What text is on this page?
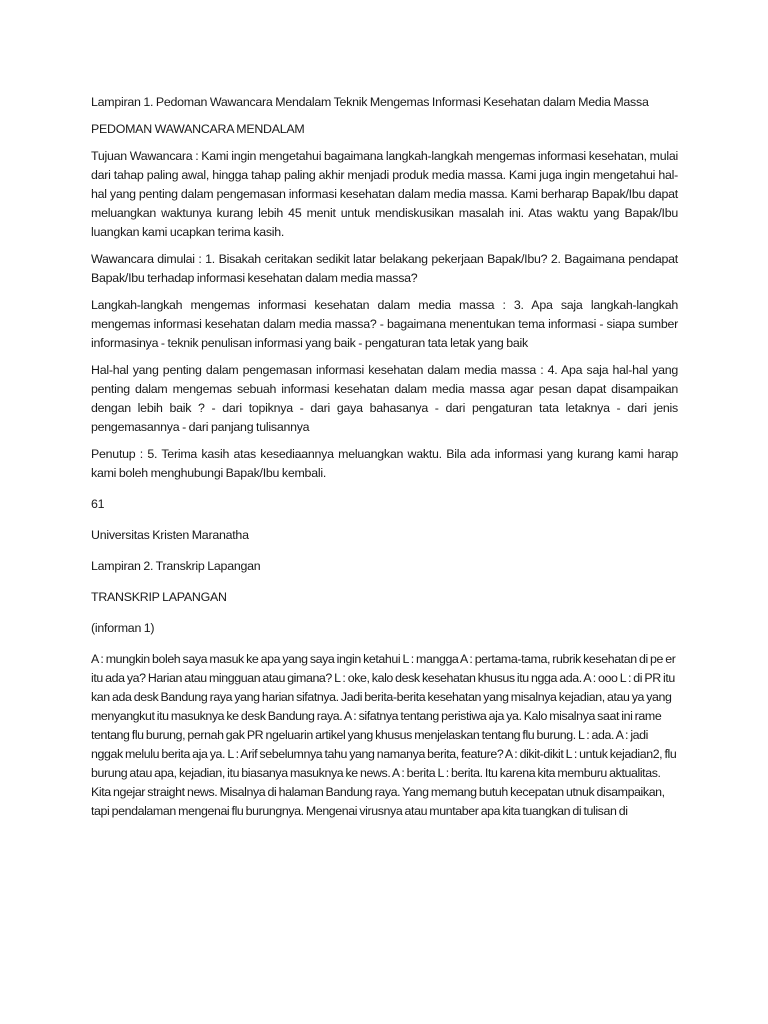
Lampiran 1. Pedoman Wawancara Mendalam Teknik Mengemas Informasi Kesehatan dalam Media Massa

PEDOMAN WAWANCARA MENDALAM

Tujuan Wawancara : Kami ingin mengetahui bagaimana langkah-langkah mengemas informasi kesehatan, mulai dari tahap paling awal, hingga tahap paling akhir menjadi produk media massa. Kami juga ingin mengetahui hal-hal yang penting dalam pengemasan informasi kesehatan dalam media massa. Kami berharap Bapak/Ibu dapat meluangkan waktunya kurang lebih 45 menit untuk mendiskusikan masalah ini. Atas waktu yang Bapak/Ibu luangkan kami ucapkan terima kasih.

Wawancara dimulai : 1. Bisakah ceritakan sedikit latar belakang pekerjaan Bapak/Ibu? 2. Bagaimana pendapat Bapak/Ibu terhadap informasi kesehatan dalam media massa?

Langkah-langkah mengemas informasi kesehatan dalam media massa : 3. Apa saja langkah-langkah mengemas informasi kesehatan dalam media massa? - bagaimana menentukan tema informasi - siapa sumber informasinya - teknik penulisan informasi yang baik - pengaturan tata letak yang baik

Hal-hal yang penting dalam pengemasan informasi kesehatan dalam media massa : 4. Apa saja hal-hal yang penting dalam mengemas sebuah informasi kesehatan dalam media massa agar pesan dapat disampaikan dengan lebih baik ? - dari topiknya - dari gaya bahasanya - dari pengaturan tata letaknya - dari jenis pengemasannya - dari panjang tulisannya

Penutup : 5. Terima kasih atas kesediaannya meluangkan waktu. Bila ada informasi yang kurang kami harap kami boleh menghubungi Bapak/Ibu kembali.

61

Universitas Kristen Maranatha

Lampiran 2. Transkrip Lapangan

TRANSKRIP LAPANGAN

(informan 1)

A : mungkin boleh saya masuk ke apa yang saya ingin ketahui L : mangga A : pertama-tama, rubrik kesehatan di pe er itu ada ya? Harian atau mingguan atau gimana? L : oke, kalo desk kesehatan khusus itu ngga ada. A : ooo L : di PR itu kan ada desk Bandung raya yang harian sifatnya. Jadi berita-berita kesehatan yang misalnya kejadian, atau ya yang menyangkut itu masuknya ke desk Bandung raya. A : sifatnya tentang peristiwa aja ya. Kalo misalnya saat ini rame tentang flu burung, pernah gak PR ngeluarin artikel yang khusus menjelaskan tentang flu burung. L : ada. A : jadi nggak melulu berita aja ya. L : Arif sebelumnya tahu yang namanya berita, feature? A : dikit-dikit L : untuk kejadian2, flu burung atau apa, kejadian, itu biasanya masuknya ke news. A : berita L : berita. Itu karena kita memburu aktualitas. Kita ngejar straight news. Misalnya di halaman Bandung raya. Yang memang butuh kecepatan utnuk disampaikan, tapi pendalaman mengenai flu burungnya. Mengenai virusnya atau muntaber apa kita tuangkan di tulisan di
